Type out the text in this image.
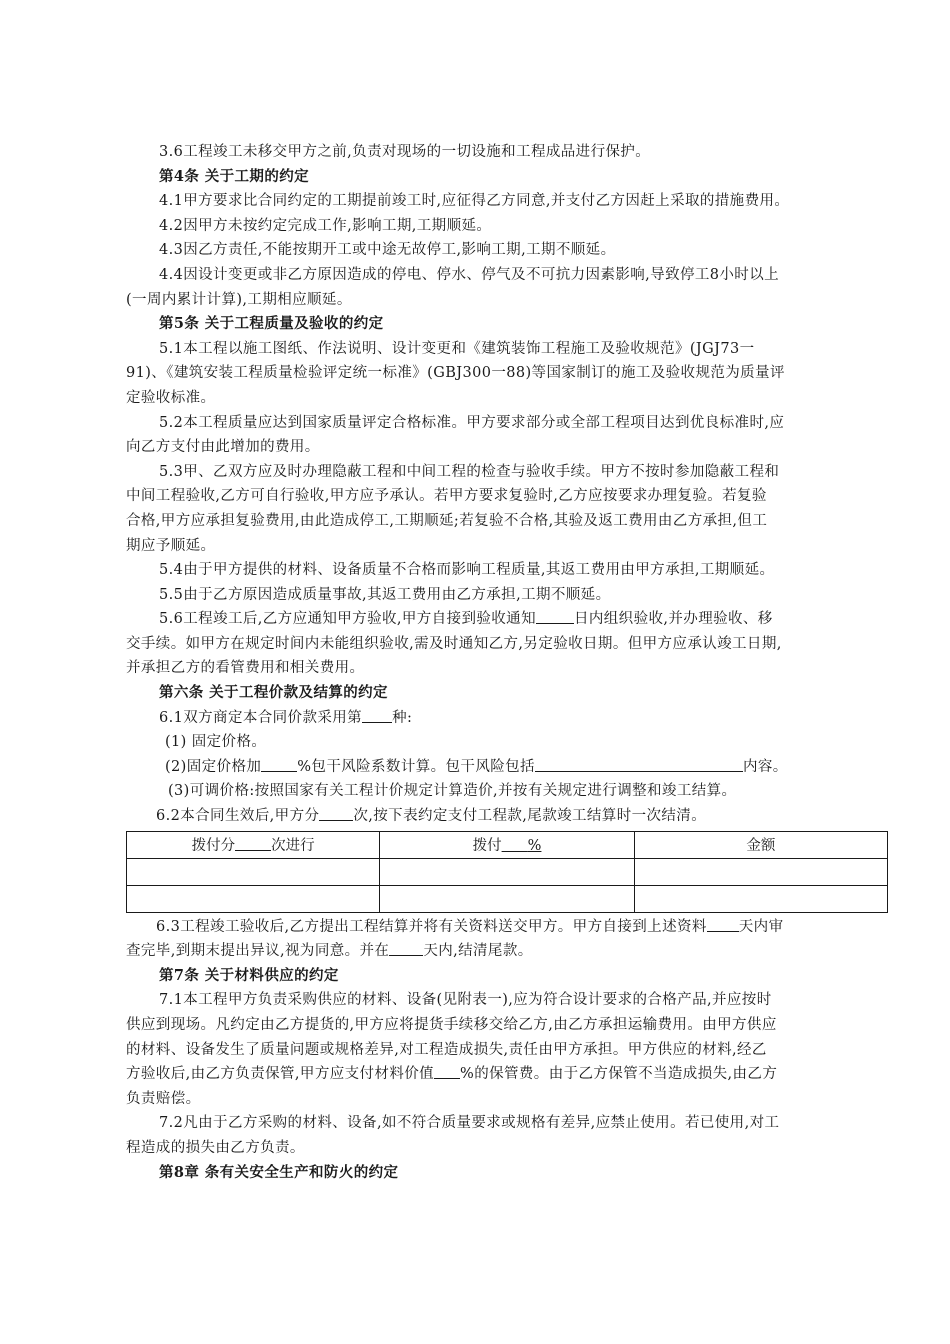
3.6工程竣工未移交甲方之前,负责对现场的一切设施和工程成品进行保护。
第4条 关于工期的约定
4.1甲方要求比合同约定的工期提前竣工时,应征得乙方同意,并支付乙方因赶上采取的措施费用。
4.2因甲方未按约定完成工作,影响工期,工期顺延。
4.3因乙方责任,不能按期开工或中途无故停工,影响工期,工期不顺延。
4.4因设计变更或非乙方原因造成的停电、停水、停气及不可抗力因素影响,导致停工8小时以上
(一周内累计计算),工期相应顺延。
第5条 关于工程质量及验收的约定
5.1本工程以施工图纸、作法说明、设计变更和《建筑装饰工程施工及验收规范》(JGJ73一
91)、《建筑安装工程质量检验评定统一标准》(GBJ300一88)等国家制订的施工及验收规范为质量评
定验收标准。
5.2本工程质量应达到国家质量评定合格标准。甲方要求部分或全部工程项目达到优良标准时,应
向乙方支付由此增加的费用。
5.3甲、乙双方应及时办理隐蔽工程和中间工程的检查与验收手续。甲方不按时参加隐蔽工程和
中间工程验收,乙方可自行验收,甲方应予承认。若甲方要求复验时,乙方应按要求办理复验。若复验
合格,甲方应承担复验费用,由此造成停工,工期顺延;若复验不合格,其验及返工费用由乙方承担,但工
期应予顺延。
5.4由于甲方提供的材料、设备质量不合格而影响工程质量,其返工费用由甲方承担,工期顺延。
5.5由于乙方原因造成质量事故,其返工费用由乙方承担,工期不顺延。
5.6工程竣工后,乙方应通知甲方验收,甲方自接到验收通知	日内组织验收,并办理验收、移
交手续。如甲方在规定时间内未能组织验收,需及时通知乙方,另定验收日期。但甲方应承认竣工日期,
并承担乙方的看管费用和相关费用。
第六条 关于工程价款及结算的约定
6.1双方商定本合同价款采用第 种:
(1) 固定价格。
(2)固定价格加 %包干风险系数计算。包干风险包括	内容。
(3)可调价格:按照国家有关工程计价规定计算造价,并按有关规定进行调整和竣工结算。
6.2本合同生效后,甲方分 次,按下表约定支付工程款,尾款竣工结算时一次结清。
拨付分 次进行	拨付          %	金额

6.3工程竣工验收后,乙方提出工程结算并将有关资料送交甲方。甲方自接到上述资料 天内审
查完毕,到期末提出异议,视为同意。并在 天内,结清尾款。
第7条 关于材料供应的约定
7.1本工程甲方负责采购供应的材料、设备(见附表一),应为符合设计要求的合格产品,并应按时
供应到现场。凡约定由乙方提货的,甲方应将提货手续移交给乙方,由乙方承担运输费用。由甲方供应
的材料、设备发生了质量问题或规格差异,对工程造成损失,责任由甲方承担。甲方供应的材料,经乙
方验收后,由乙方负责保管,甲方应支付材料价值 %的保管费。由于乙方保管不当造成损失,由乙方
负责赔偿。
7.2凡由于乙方采购的材料、设备,如不符合质量要求或规格有差异,应禁止使用。若已使用,对工
程造成的损失由乙方负责。
第8章 条有关安全生产和防火的约定
